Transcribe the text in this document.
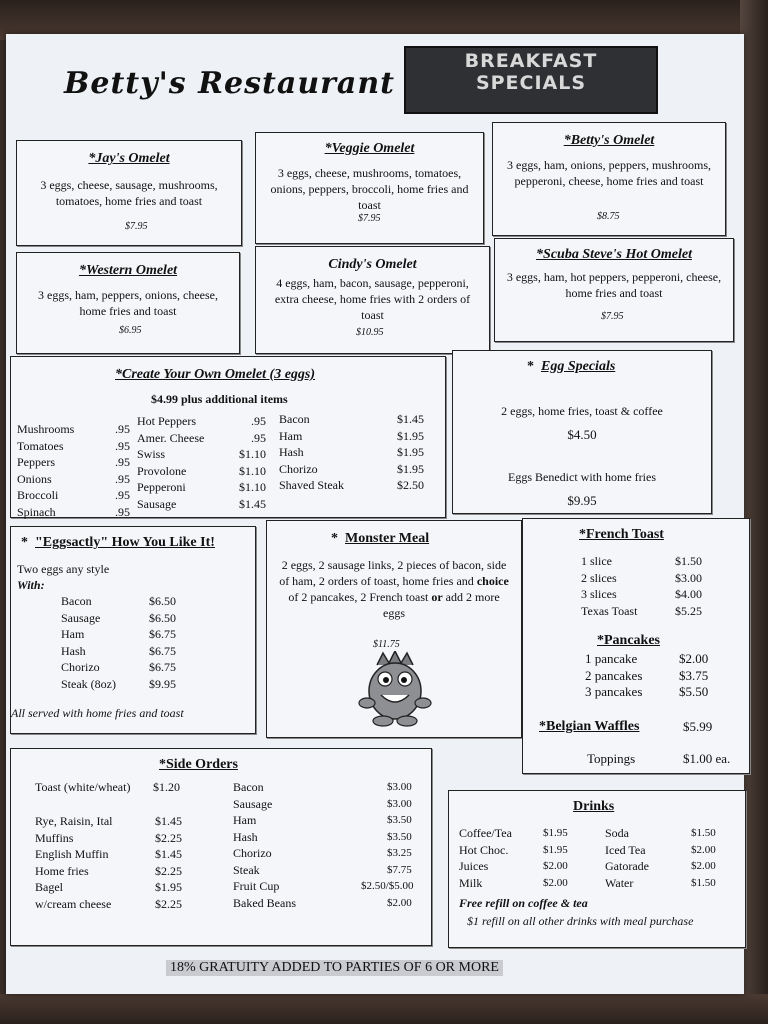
Betty's Restaurant
BREAKFAST SPECIALS
*Jay's Omelet
3 eggs, cheese, sausage, mushrooms, tomatoes, home fries and toast
$7.95
*Veggie Omelet
3 eggs, cheese, mushrooms, tomatoes, onions, peppers, broccoli, home fries and toast
$7.95
*Betty's Omelet
3 eggs, ham, onions, peppers, mushrooms, pepperoni, cheese, home fries and toast
$8.75
*Western Omelet
3 eggs, ham, peppers, onions, cheese, home fries and toast
$6.95
Cindy's Omelet
4 eggs, ham, bacon, sausage, pepperoni, extra cheese, home fries with 2 orders of toast
$10.95
*Scuba Steve's Hot Omelet
3 eggs, ham, hot peppers, pepperoni, cheese, home fries and toast
$7.95
*Create Your Own Omelet (3 eggs)
$4.99 plus additional items
Mushrooms	.95
Tomatoes	.95
Peppers	.95
Onions	.95
Broccoli	.95
Spinach	.95
Hot Peppers	.95
Amer. Cheese	.95
Swiss	$1.10
Provolone	$1.10
Pepperoni	$1.10
Sausage	$1.45
Bacon	$1.45
Ham	$1.95
Hash	$1.95
Chorizo	$1.95
Shaved Steak	$2.50
* Egg Specials
2 eggs, home fries, toast & coffee
$4.50
Eggs Benedict with home fries
$9.95
* "Eggsactly" How You Like It!
Two eggs any style
With:
Bacon	$6.50
Sausage	$6.50
Ham	$6.75
Hash	$6.75
Chorizo	$6.75
Steak (8oz)	$9.95
All served with home fries and toast
* Monster Meal
2 eggs, 2 sausage links, 2 pieces of bacon, side of ham, 2 orders of toast, home fries and choice of 2 pancakes, 2 French toast or add 2 more eggs
$11.75
*French Toast
1 slice	$1.50
2 slices	$3.00
3 slices	$4.00
Texas Toast	$5.25
*Pancakes
1 pancake	$2.00
2 pancakes	$3.75
3 pancakes	$5.50
*Belgian Waffles	$5.99
Toppings	$1.00 ea.
*Side Orders
Toast (white/wheat) $1.20
Rye, Raisin, Ital	$1.45
Muffins	$2.25
English Muffin	$1.45
Home fries	$2.25
Bagel	$1.95
w/cream cheese	$2.25
Bacon	$3.00
Sausage	$3.00
Ham	$3.50
Hash	$3.50
Chorizo	$3.25
Steak	$7.75
Fruit Cup	$2.50/$5.00
Baked Beans	$2.00
Drinks
Coffee/Tea	$1.95
Hot Choc.	$1.95
Juices	$2.00
Milk	$2.00
Soda	$1.50
Iced Tea	$2.00
Gatorade	$2.00
Water	$1.50
Free refill on coffee & tea
$1 refill on all other drinks with meal purchase
18% GRATUITY ADDED TO PARTIES OF 6 OR MORE
